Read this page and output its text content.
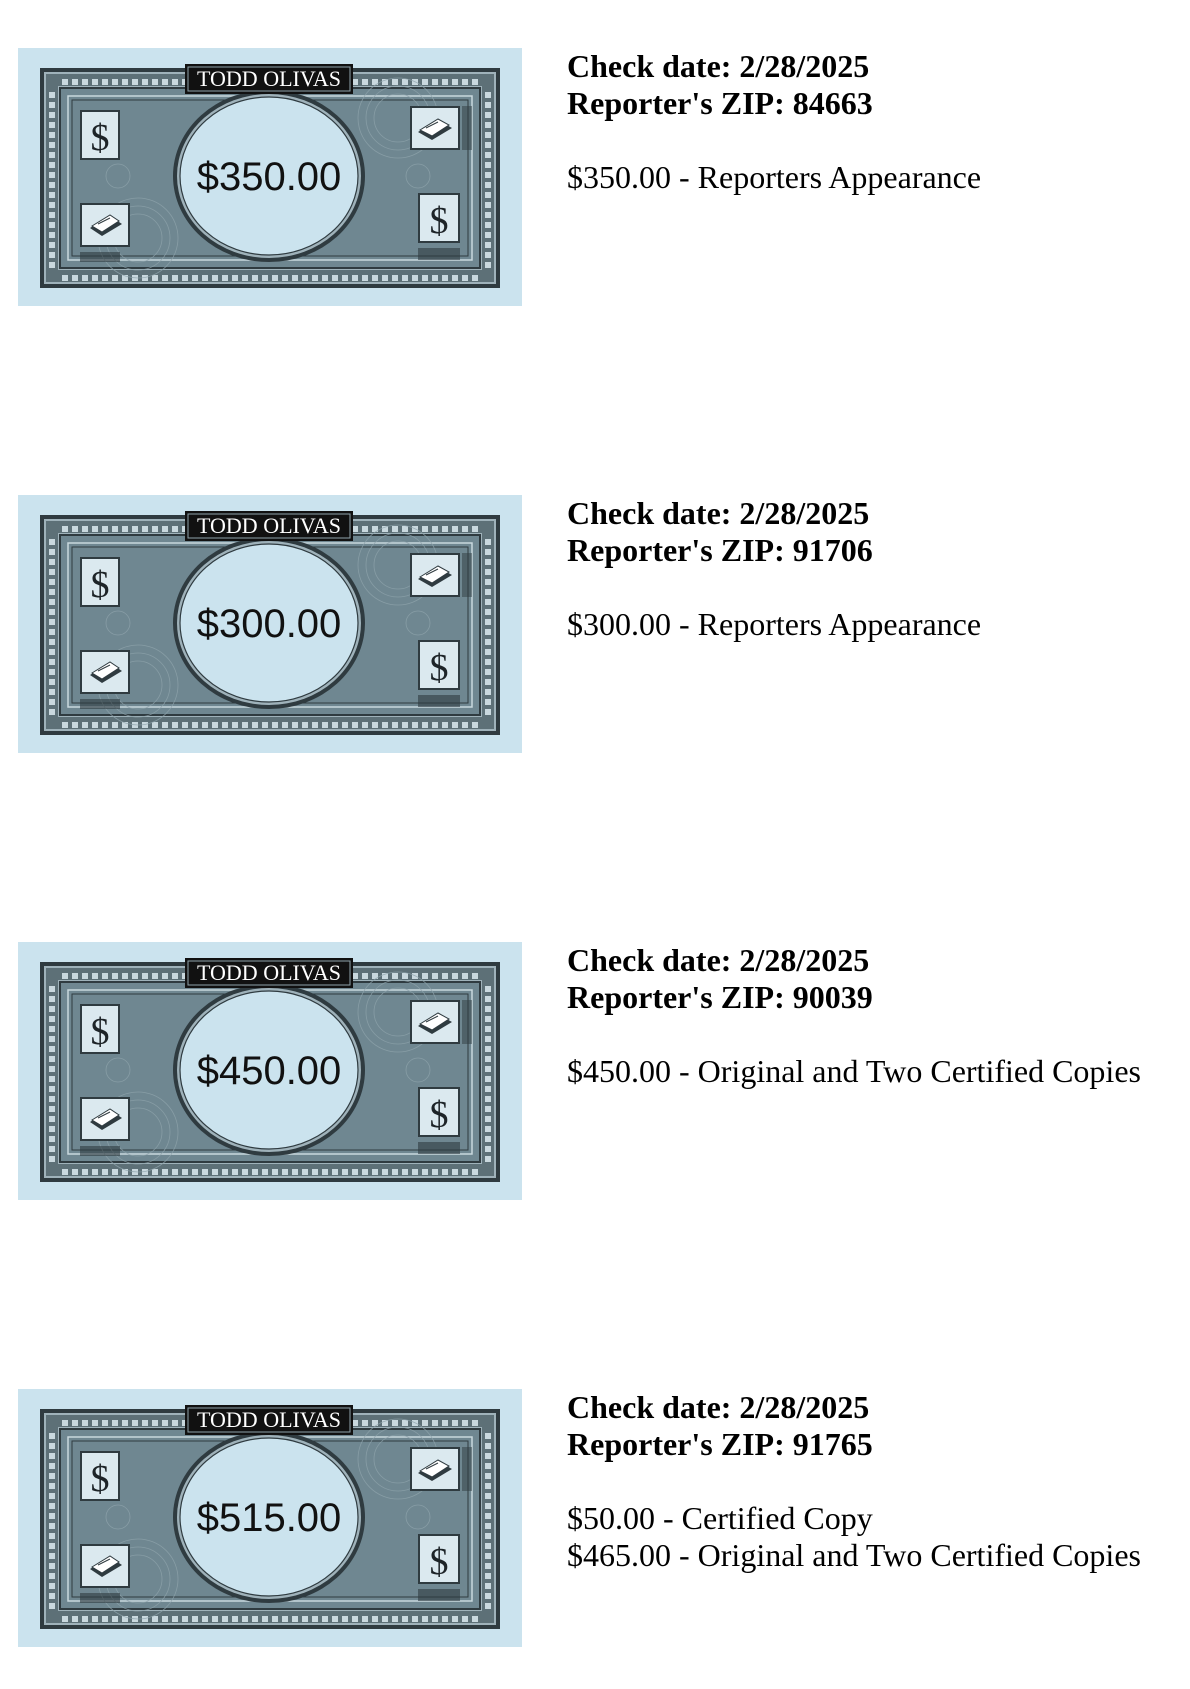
$
$
TODD OLIVAS
$350.00
Check date: 2/28/2025
Reporter's ZIP: 84663
$350.00 - Reporters Appearance
$
$
TODD OLIVAS
$300.00
Check date: 2/28/2025
Reporter's ZIP: 91706
$300.00 - Reporters Appearance
$
$
TODD OLIVAS
$450.00
Check date: 2/28/2025
Reporter's ZIP: 90039
$450.00 - Original and Two Certified Copies
$
$
TODD OLIVAS
$515.00
Check date: 2/28/2025
Reporter's ZIP: 91765
$50.00 - Certified Copy
$465.00 - Original and Two Certified Copies
